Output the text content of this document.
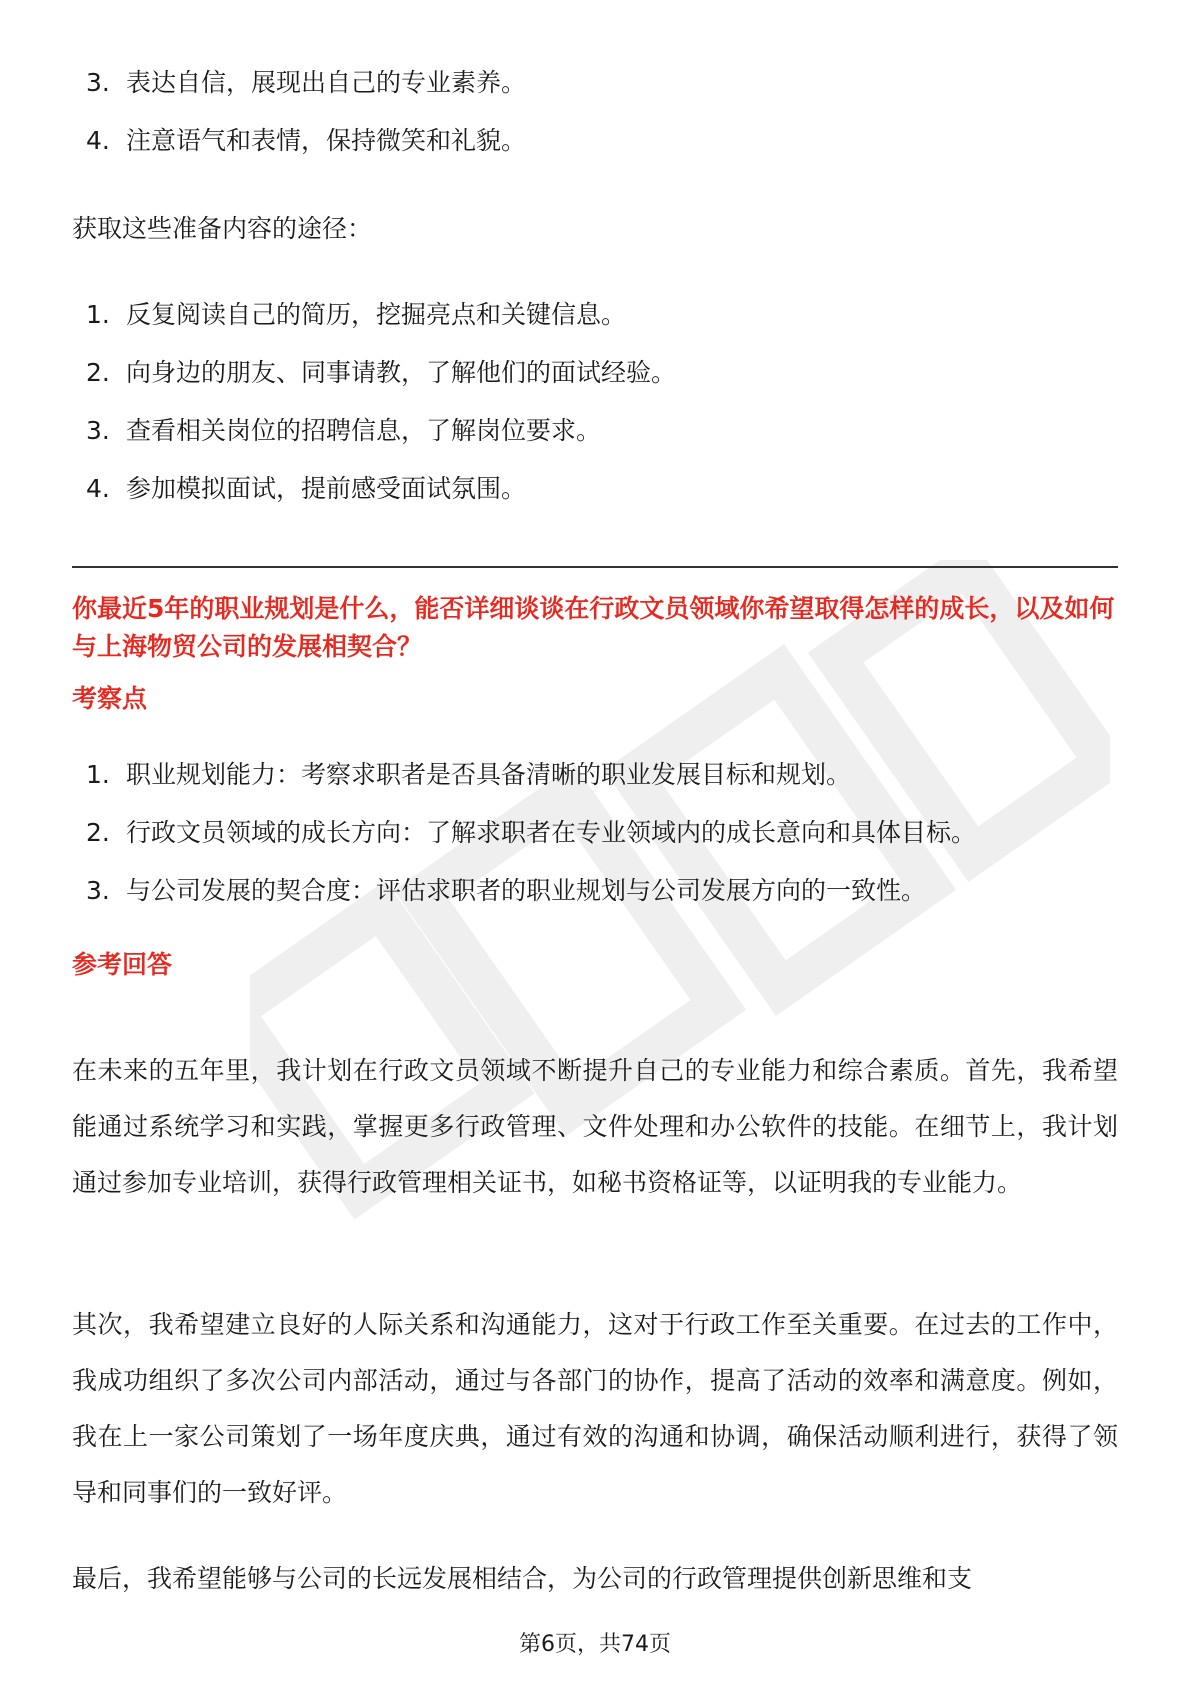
3. 表达自信，展现出自己的专业素养。
4. 注意语气和表情，保持微笑和礼貌。
获取这些准备内容的途径：
1. 反复阅读自己的简历，挖掘亮点和关键信息。
2. 向身边的朋友、同事请教，了解他们的面试经验。
3. 查看相关岗位的招聘信息，了解岗位要求。
4. 参加模拟面试，提前感受面试氛围。
你最近5年的职业规划是什么，能否详细谈谈在行政文员领域你希望取得怎样的成长，以及如何与上海物贸公司的发展相契合？
考察点
1. 职业规划能力：考察求职者是否具备清晰的职业发展目标和规划。
2. 行政文员领域的成长方向：了解求职者在专业领域内的成长意向和具体目标。
3. 与公司发展的契合度：评估求职者的职业规划与公司发展方向的一致性。
参考回答

在未来的五年里，我计划在行政文员领域不断提升自己的专业能力和综合素质。首先，我希望能通过系统学习和实践，掌握更多行政管理、文件处理和办公软件的技能。在细节上，我计划通过参加专业培训，获得行政管理相关证书，如秘书资格证等，以证明我的专业能力。

其次，我希望建立良好的人际关系和沟通能力，这对于行政工作至关重要。在过去的工作中，我成功组织了多次公司内部活动，通过与各部门的协作，提高了活动的效率和满意度。例如，我在上一家公司策划了一场年度庆典，通过有效的沟通和协调，确保活动顺利进行，获得了领导和同事们的一致好评。

最后，我希望能够与公司的长远发展相结合，为公司的行政管理提供创新思维和支

第6页，共74页
